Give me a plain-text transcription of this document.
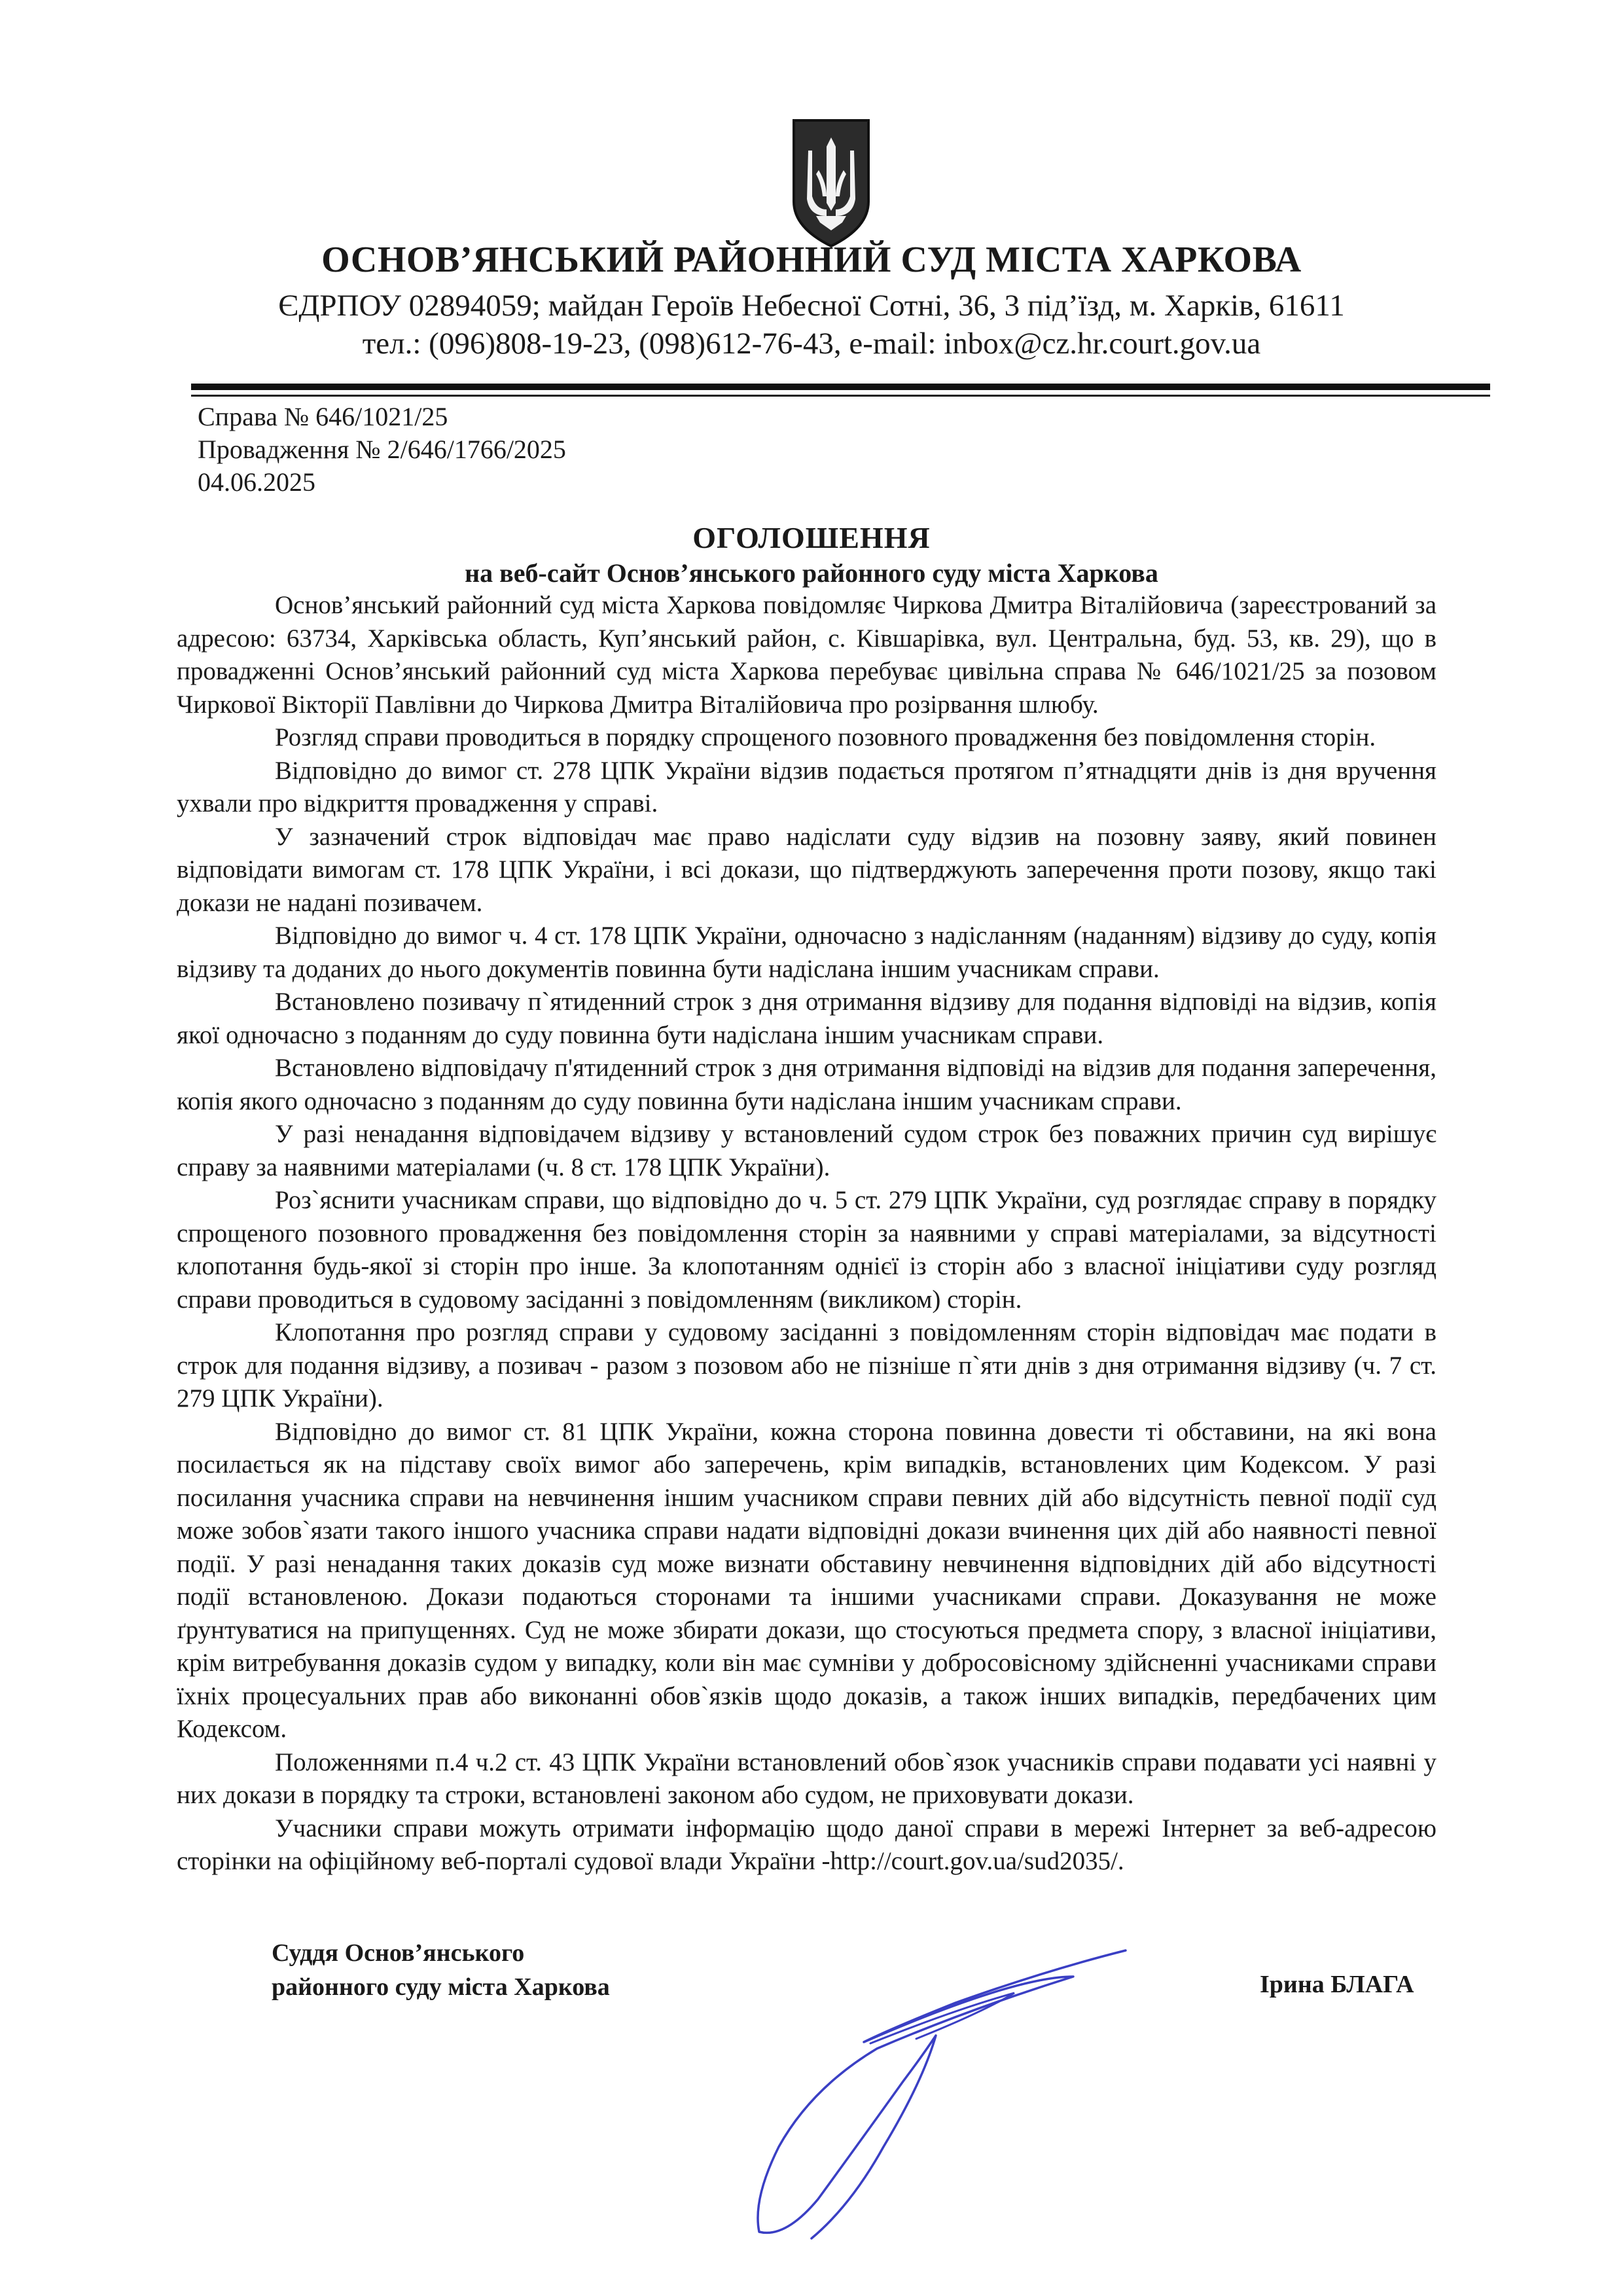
ОСНОВ’ЯНСЬКИЙ РАЙОННИЙ СУД МІСТА ХАРКОВА
ЄДРПОУ 02894059; майдан Героїв Небесної Сотні, 36, 3 під’їзд, м. Харків, 61611
тел.: (096)808-19-23, (098)612-76-43, e-mail: inbox@cz.hr.court.gov.ua
Справа № 646/1021/25
Провадження № 2/646/1766/2025
04.06.2025
ОГОЛОШЕННЯ
на веб-сайт Основ’янського районного суду міста Харкова

Основ’янський районний суд міста Харкова повідомляє Чиркова Дмитра Віталійовича (зареєстрований за адресою: 63734, Харківська область, Куп’янський район, с. Ківшарівка, вул. Центральна, буд. 53, кв. 29), що в провадженні Основ’янський районний суд міста Харкова перебуває цивільна справа № 646/1021/25 за позовом Чиркової Вікторії Павлівни до Чиркова Дмитра Віталійовича про розірвання шлюбу.

Розгляд справи проводиться в порядку спрощеного позовного провадження без повідомлення сторін.

Відповідно до вимог ст. 278 ЦПК України відзив подається протягом п’ятнадцяти днів із дня вручення ухвали про відкриття провадження у справі.

У зазначений строк відповідач має право надіслати суду відзив на позовну заяву, який повинен відповідати вимогам ст. 178 ЦПК України, і всі докази, що підтверджують заперечення проти позову, якщо такі докази не надані позивачем.

Відповідно до вимог ч. 4 ст. 178 ЦПК України, одночасно з надісланням (наданням) відзиву до суду, копія відзиву та доданих до нього документів повинна бути надіслана іншим учасникам справи.

Встановлено позивачу п`ятиденний строк з дня отримання відзиву для подання відповіді на відзив, копія якої одночасно з поданням до суду повинна бути надіслана іншим учасникам справи.

Встановлено відповідачу п'ятиденний строк з дня отримання відповіді на відзив для подання заперечення, копія якого одночасно з поданням до суду повинна бути надіслана іншим учасникам справи.

У разі ненадання відповідачем відзиву у встановлений судом строк без поважних причин суд вирішує справу за наявними матеріалами (ч. 8 ст. 178 ЦПК України).

Роз`яснити учасникам справи, що відповідно до ч. 5 ст. 279 ЦПК України, суд розглядає справу в порядку спрощеного позовного провадження без повідомлення сторін за наявними у справі матеріалами, за відсутності клопотання будь-якої зі сторін про інше. За клопотанням однієї із сторін або з власної ініціативи суду розгляд справи проводиться в судовому засіданні з повідомленням (викликом) сторін.

Клопотання про розгляд справи у судовому засіданні з повідомленням сторін відповідач має подати в строк для подання відзиву, а позивач - разом з позовом або не пізніше п`яти днів з дня отримання відзиву (ч. 7 ст. 279 ЦПК України).

Відповідно до вимог ст. 81 ЦПК України, кожна сторона повинна довести ті обставини, на які вона посилається як на підставу своїх вимог або заперечень, крім випадків, встановлених цим Кодексом. У разі посилання учасника справи на невчинення іншим учасником справи певних дій або відсутність певної події суд може зобов`язати такого іншого учасника справи надати відповідні докази вчинення цих дій або наявності певної події. У разі ненадання таких доказів суд може визнати обставину невчинення відповідних дій або відсутності події встановленою. Докази подаються сторонами та іншими учасниками справи. Доказування не може ґрунтуватися на припущеннях. Суд не може збирати докази, що стосуються предмета спору, з власної ініціативи, крім витребування доказів судом у випадку, коли він має сумніви у добросовісному здійсненні учасниками справи їхніх процесуальних прав або виконанні обов`язків щодо доказів, а також інших випадків, передбачених цим Кодексом.

Положеннями п.4 ч.2 ст. 43 ЦПК України встановлений обов`язок учасників справи подавати усі наявні у них докази в порядку та строки, встановлені законом або судом, не приховувати докази.

Учасники справи можуть отримати інформацію щодо даної справи в мережі Інтернет за веб-адресою сторінки на офіційному веб-порталі судової влади України -http://court.gov.ua/sud2035/.

Суддя Основ’янського
районного суду міста Харкова	Ірина БЛАГА
